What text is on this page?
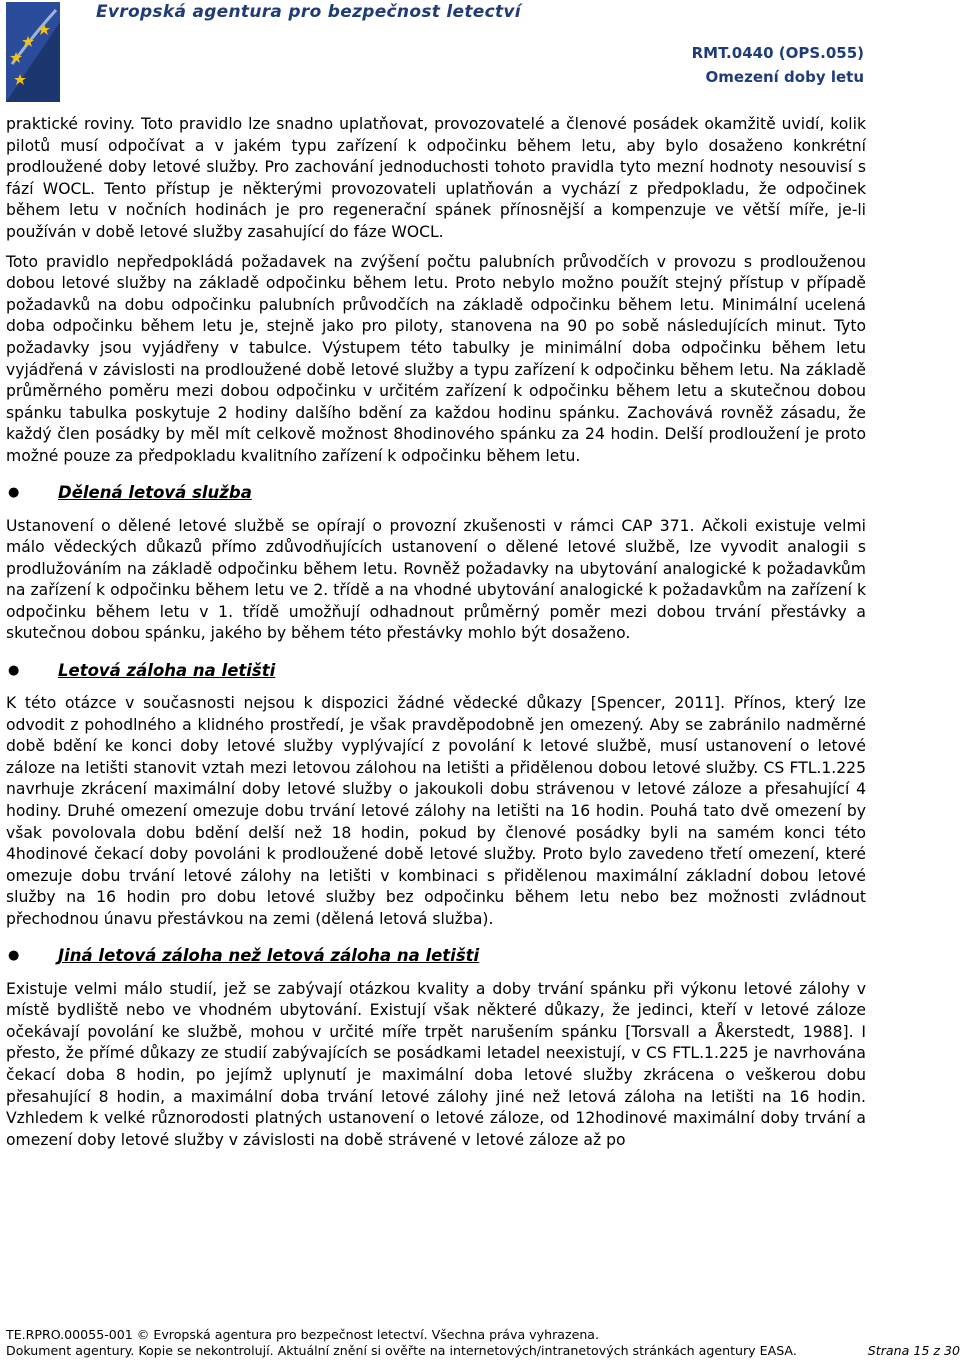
Evropská agentura pro bezpečnost letectví
RMT.0440 (OPS.055)
Omezení doby letu

praktické roviny. Toto pravidlo lze snadno uplatňovat, provozovatelé a členové posádek okamžitě uvidí, kolik pilotů musí odpočívat a v jakém typu zařízení k odpočinku během letu, aby bylo dosaženo konkrétní prodloužené doby letové služby. Pro zachování jednoduchosti tohoto pravidla tyto mezní hodnoty nesouvisí s fází WOCL. Tento přístup je některými provozovateli uplatňován a vychází z předpokladu, že odpočinek během letu v nočních hodinách je pro regenerační spánek přínosnější a kompenzuje ve větší míře, je-li používán v době letové služby zasahující do fáze WOCL.

Toto pravidlo nepředpokládá požadavek na zvýšení počtu palubních průvodčích v provozu s prodlouženou dobou letové služby na základě odpočinku během letu. Proto nebylo možno použít stejný přístup v případě požadavků na dobu odpočinku palubních průvodčích na základě odpočinku během letu. Minimální ucelená doba odpočinku během letu je, stejně jako pro piloty, stanovena na 90 po sobě následujících minut. Tyto požadavky jsou vyjádřeny v tabulce. Výstupem této tabulky je minimální doba odpočinku během letu vyjádřená v závislosti na prodloužené době letové služby a typu zařízení k odpočinku během letu. Na základě průměrného poměru mezi dobou odpočinku v určitém zařízení k odpočinku během letu a skutečnou dobou spánku tabulka poskytuje 2 hodiny dalšího bdění za každou hodinu spánku. Zachovává rovněž zásadu, že každý člen posádky by měl mít celkově možnost 8hodinového spánku za 24 hodin. Delší prodloužení je proto možné pouze za předpokladu kvalitního zařízení k odpočinku během letu.

●	Dělená letová služba

Ustanovení o dělené letové službě se opírají o provozní zkušenosti v rámci CAP 371. Ačkoli existuje velmi málo vědeckých důkazů přímo zdůvodňujících ustanovení o dělené letové službě, lze vyvodit analogii s prodlužováním na základě odpočinku během letu. Rovněž požadavky na ubytování analogické k požadavkům na zařízení k odpočinku během letu ve 2. třídě a na vhodné ubytování analogické k požadavkům na zařízení k odpočinku během letu v 1. třídě umožňují odhadnout průměrný poměr mezi dobou trvání přestávky a skutečnou dobou spánku, jakého by během této přestávky mohlo být dosaženo.

●	Letová záloha na letišti

K této otázce v současnosti nejsou k dispozici žádné vědecké důkazy [Spencer, 2011]. Přínos, který lze odvodit z pohodlného a klidného prostředí, je však pravděpodobně jen omezený. Aby se zabránilo nadměrné době bdění ke konci doby letové služby vyplývající z povolání k letové službě, musí ustanovení o letové záloze na letišti stanovit vztah mezi letovou zálohou na letišti a přidělenou dobou letové služby. CS FTL.1.225 navrhuje zkrácení maximální doby letové služby o jakoukoli dobu strávenou v letové záloze a přesahující 4 hodiny. Druhé omezení omezuje dobu trvání letové zálohy na letišti na 16 hodin. Pouhá tato dvě omezení by však povolovala dobu bdění delší než 18 hodin, pokud by členové posádky byli na samém konci této 4hodinové čekací doby povoláni k prodloužené době letové služby. Proto bylo zavedeno třetí omezení, které omezuje dobu trvání letové zálohy na letišti v kombinaci s přidělenou maximální základní dobou letové služby na 16 hodin pro dobu letové služby bez odpočinku během letu nebo bez možnosti zvládnout přechodnou únavu přestávkou na zemi (dělená letová služba).

●	Jiná letová záloha než letová záloha na letišti

Existuje velmi málo studií, jež se zabývají otázkou kvality a doby trvání spánku při výkonu letové zálohy v místě bydliště nebo ve vhodném ubytování. Existují však některé důkazy, že jedinci, kteří v letové záloze očekávají povolání ke službě, mohou v určité míře trpět narušením spánku [Torsvall a Åkerstedt, 1988]. I přesto, že přímé důkazy ze studií zabývajících se posádkami letadel neexistují, v CS FTL.1.225 je navrhována čekací doba 8 hodin, po jejímž uplynutí je maximální doba letové služby zkrácena o veškerou dobu přesahující 8 hodin, a maximální doba trvání letové zálohy jiné než letová záloha na letišti na 16 hodin. Vzhledem k velké různorodosti platných ustanovení o letové záloze, od 12hodinové maximální doby trvání a omezení doby letové služby v závislosti na době strávené v letové záloze až po

TE.RPRO.00055-001 © Evropská agentura pro bezpečnost letectví. Všechna práva vyhrazena.
Dokument agentury. Kopie se nekontrolují. Aktuální znění si ověřte na internetových/intranetových stránkách agentury EASA.	Strana 15 z 30
